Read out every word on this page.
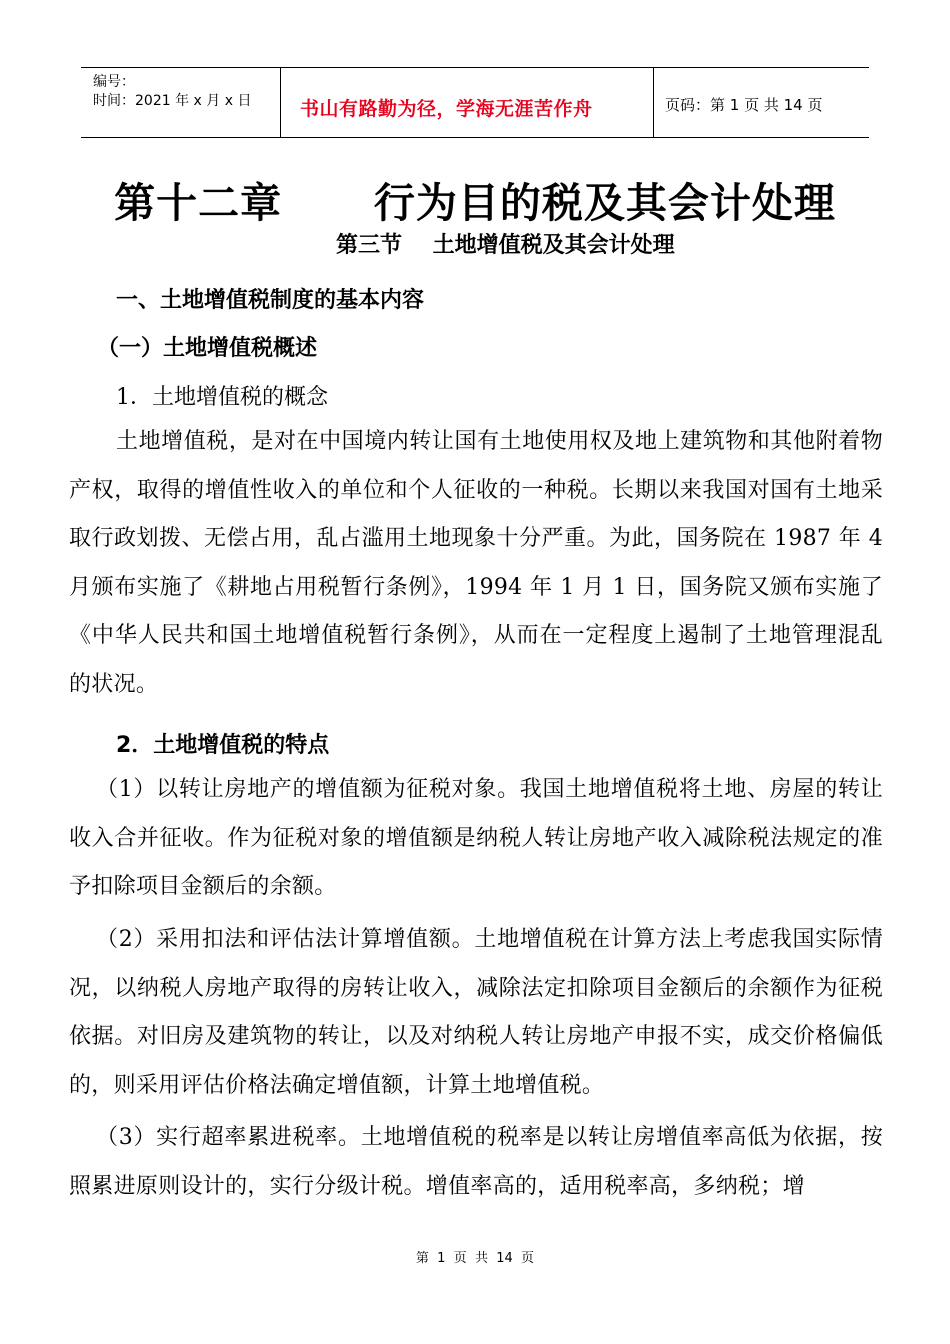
编号：
时间：2021 年 x 月 x 日	书山有路勤为径，学海无涯苦作舟	页码：第 1 页 共 14 页
第十二章      行为目的税及其会计处理
第三节    土地增值税及其会计处理
一、土地增值税制度的基本内容
（一）土地增值税概述
1．土地增值税的概念
土地增值税，是对在中国境内转让国有土地使用权及地上建筑物和其他附着物产权，取得的增值性收入的单位和个人征收的一种税。长期以来我国对国有土地采取行政划拨、无偿占用，乱占滥用土地现象十分严重。为此，国务院在 1987 年 4 月颁布实施了《耕地占用税暂行条例》，1994 年 1 月 1 日，国务院又颁布实施了《中华人民共和国土地增值税暂行条例》，从而在一定程度上遏制了土地管理混乱的状况。
2．土地增值税的特点
（1）以转让房地产的增值额为征税对象。我国土地增值税将土地、房屋的转让收入合并征收。作为征税对象的增值额是纳税人转让房地产收入减除税法规定的准予扣除项目金额后的余额。
（2）采用扣法和评估法计算增值额。土地增值税在计算方法上考虑我国实际情况，以纳税人房地产取得的房转让收入，减除法定扣除项目金额后的余额作为征税依据。对旧房及建筑物的转让，以及对纳税人转让房地产申报不实，成交价格偏低的，则采用评估价格法确定增值额，计算土地增值税。
（3）实行超率累进税率。土地增值税的税率是以转让房增值率高低为依据，按照累进原则设计的，实行分级计税。增值率高的，适用税率高，多纳税；增
第  1  页  共  14  页
